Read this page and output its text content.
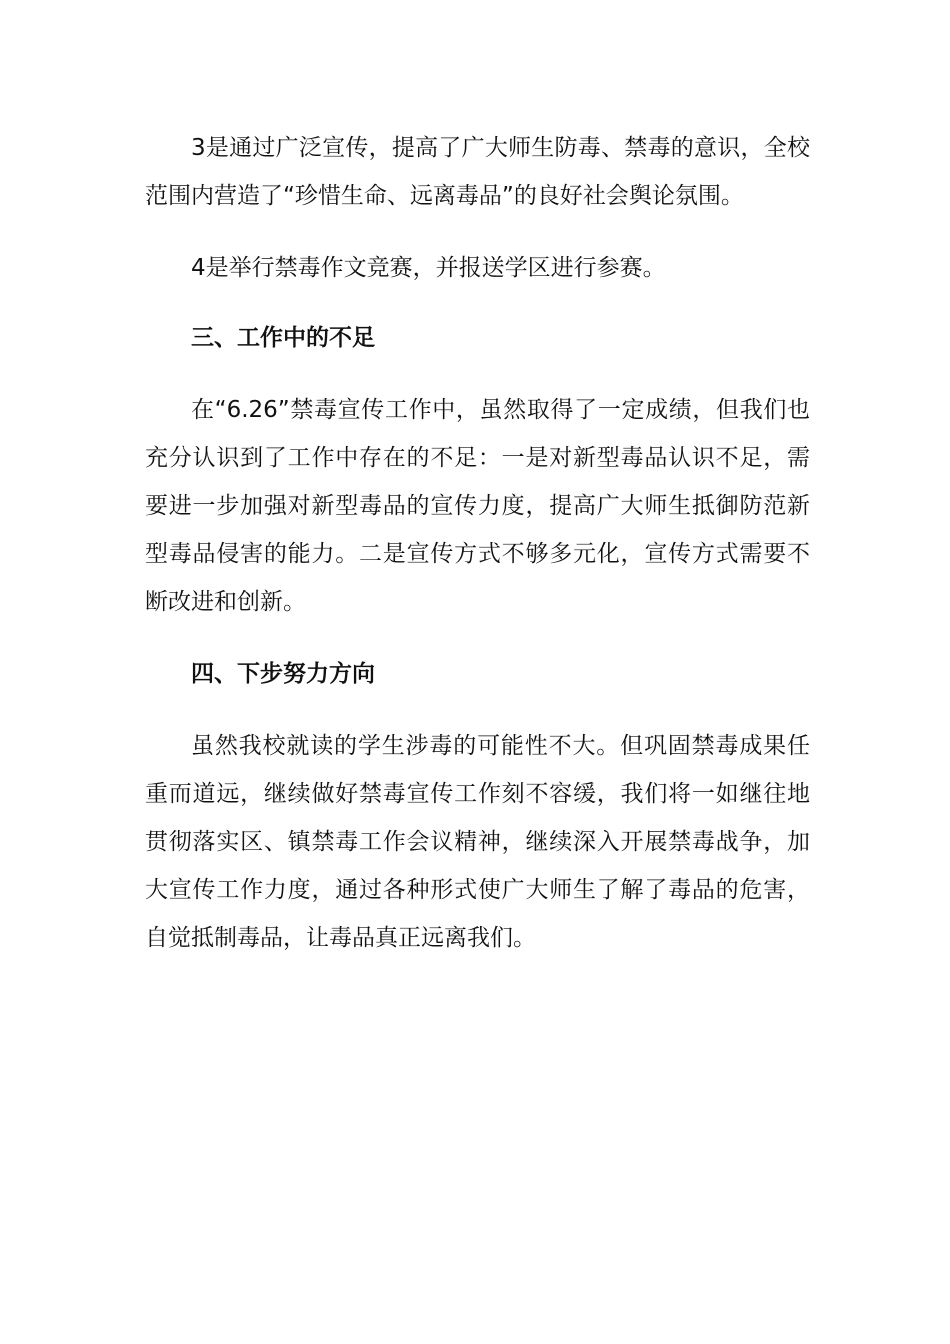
3是通过广泛宣传，提高了广大师生防毒、禁毒的意识，全校范围内营造了“珍惜生命、远离毒品”的良好社会舆论氛围。

4是举行禁毒作文竞赛，并报送学区进行参赛。

三、工作中的不足

在“6.26”禁毒宣传工作中，虽然取得了一定成绩，但我们也充分认识到了工作中存在的不足：一是对新型毒品认识不足，需要进一步加强对新型毒品的宣传力度，提高广大师生抵御防范新型毒品侵害的能力。二是宣传方式不够多元化，宣传方式需要不断改进和创新。

四、下步努力方向

虽然我校就读的学生涉毒的可能性不大。但巩固禁毒成果任重而道远，继续做好禁毒宣传工作刻不容缓，我们将一如继往地贯彻落实区、镇禁毒工作会议精神，继续深入开展禁毒战争，加大宣传工作力度，通过各种形式使广大师生了解了毒品的危害，自觉抵制毒品，让毒品真正远离我们。
